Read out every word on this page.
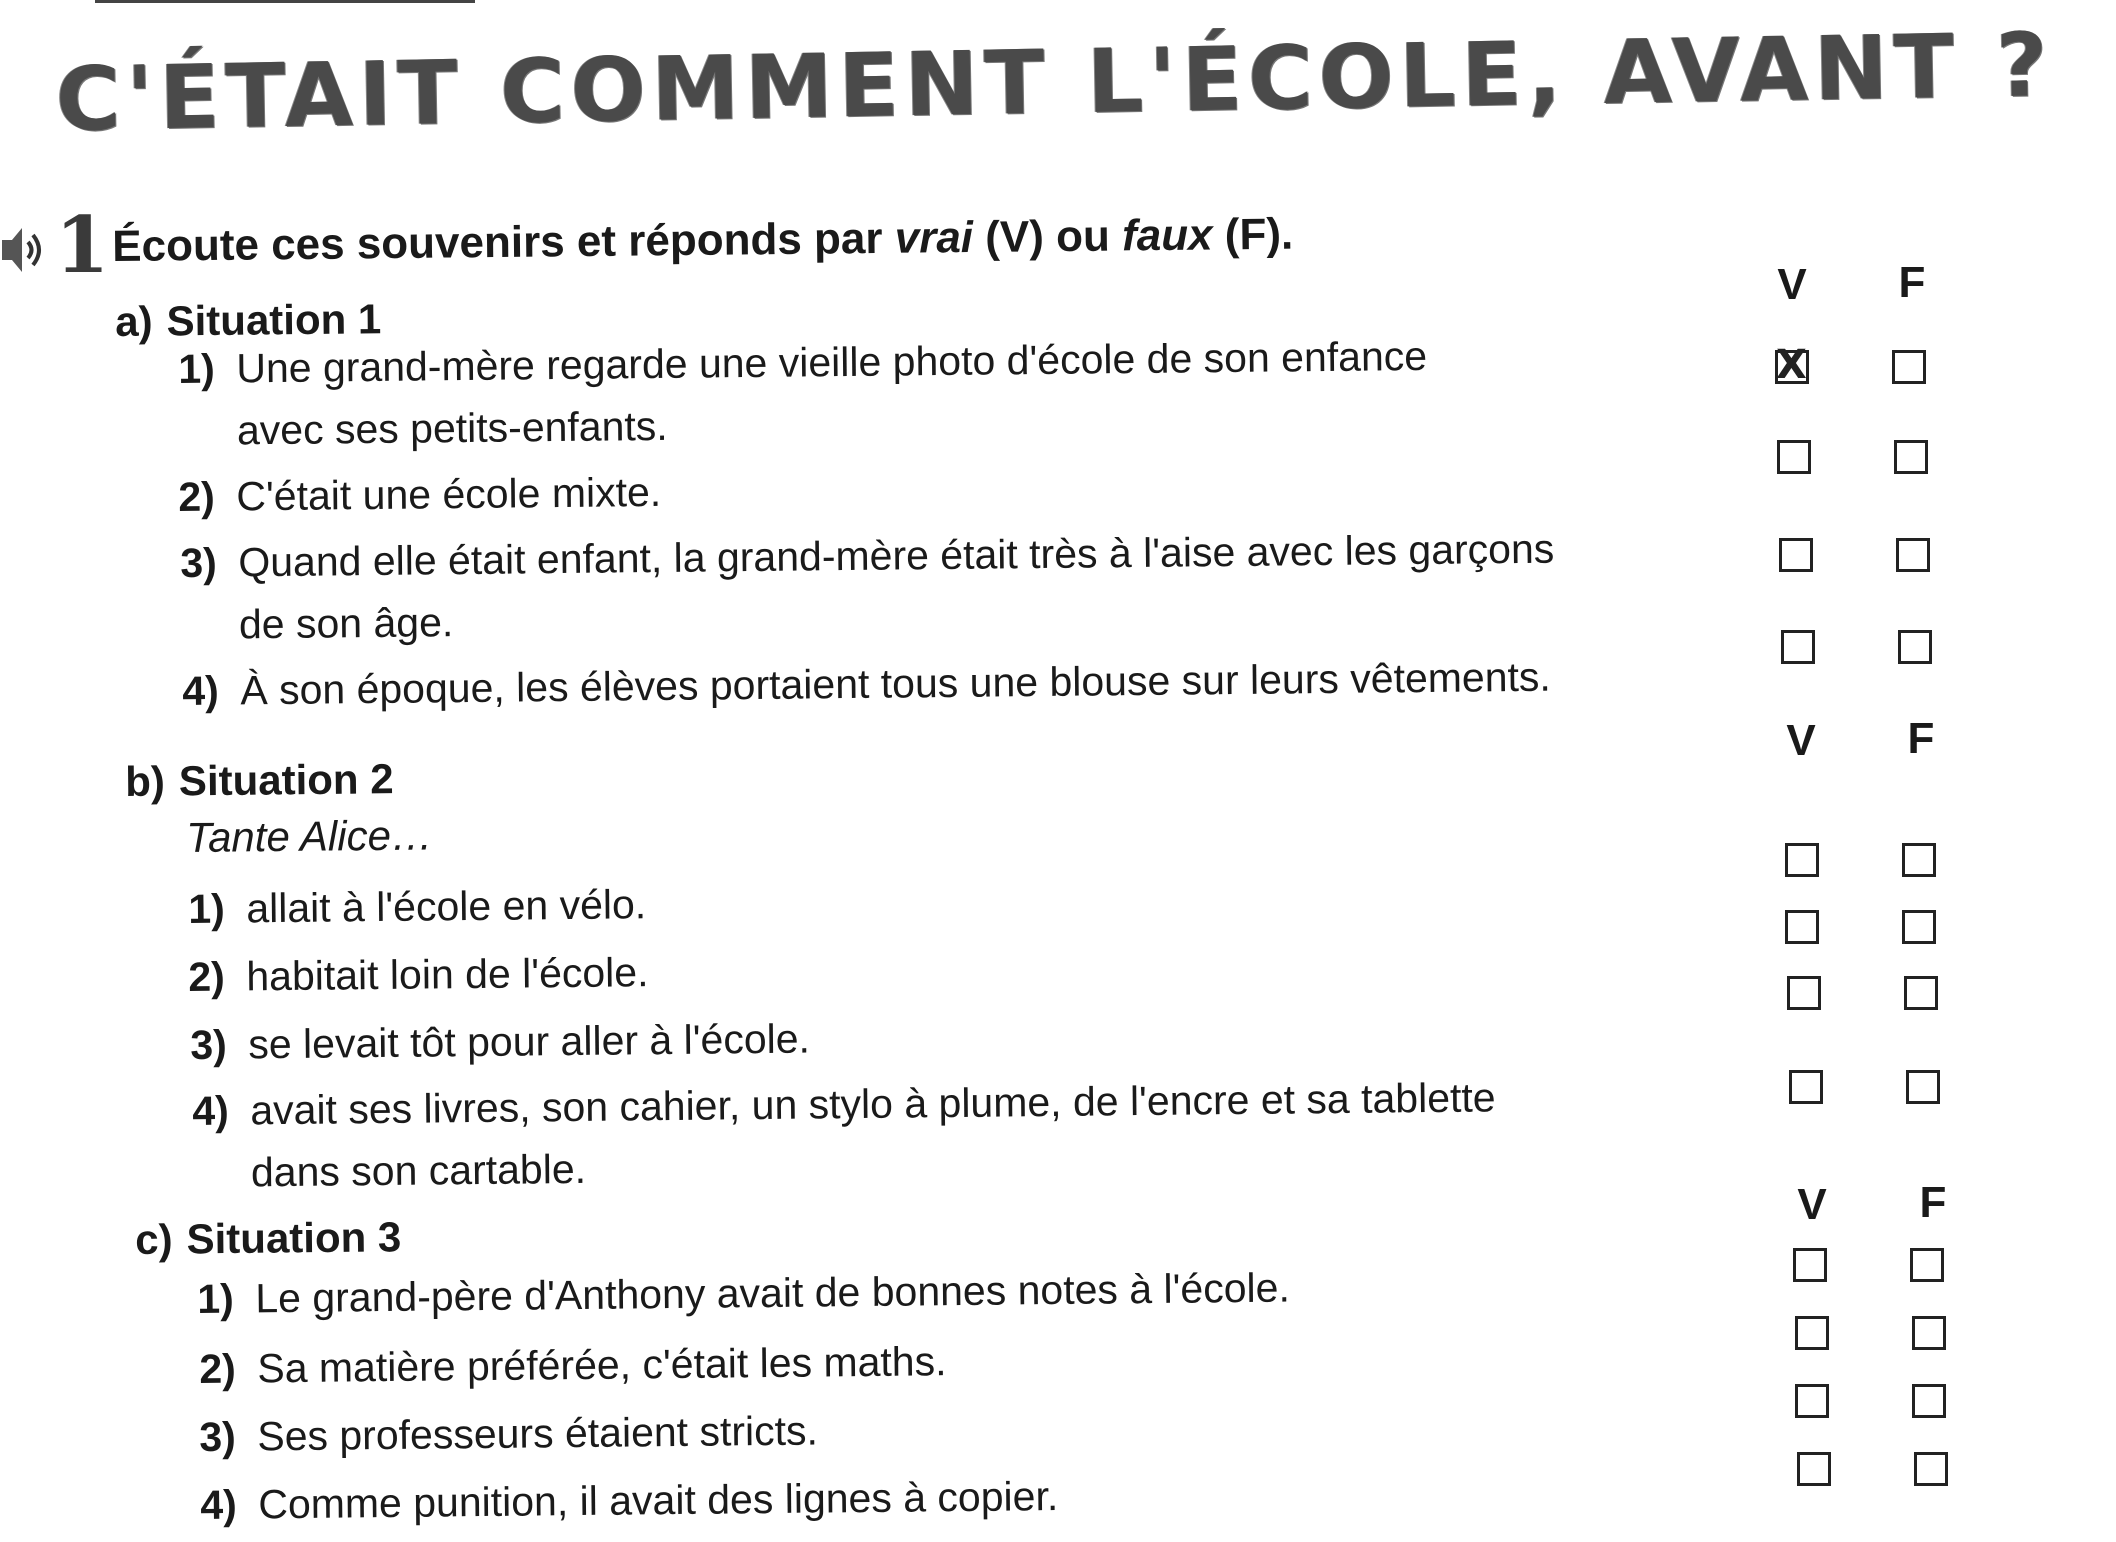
C'ÉTAIT COMMENT L'ÉCOLE, AVANT ?
1 Écoute ces souvenirs et réponds par vrai (V) ou faux (F).
a) Situation 1
V F
1) Une grand-mère regarde une vieille photo d'école de son enfance
avec ses petits-enfants.
X
2) C'était une école mixte.
3) Quand elle était enfant, la grand-mère était très à l'aise avec les garçons
de son âge.
4) À son époque, les élèves portaient tous une blouse sur leurs vêtements.
V F
b) Situation 2
Tante Alice…
1) allait à l'école en vélo.
2) habitait loin de l'école.
3) se levait tôt pour aller à l'école.
4) avait ses livres, son cahier, un stylo à plume, de l'encre et sa tablette
dans son cartable.
V F
c) Situation 3
1) Le grand-père d'Anthony avait de bonnes notes à l'école.
2) Sa matière préférée, c'était les maths.
3) Ses professeurs étaient stricts.
4) Comme punition, il avait des lignes à copier.
